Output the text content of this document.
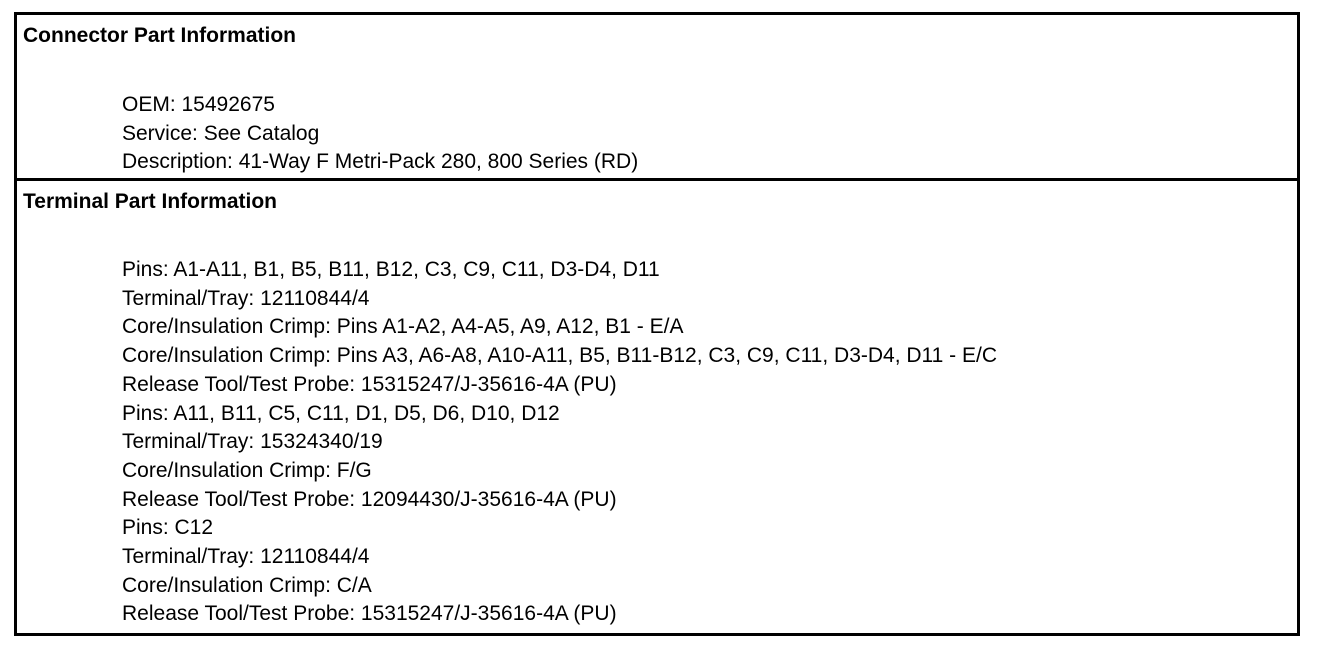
Connector Part Information
OEM: 15492675
Service: See Catalog
Description: 41-Way F Metri-Pack 280, 800 Series (RD)
Terminal Part Information
Pins: A1-A11, B1, B5, B11, B12, C3, C9, C11, D3-D4, D11
Terminal/Tray: 12110844/4
Core/Insulation Crimp: Pins A1-A2, A4-A5, A9, A12, B1 - E/A
Core/Insulation Crimp: Pins A3, A6-A8, A10-A11, B5, B11-B12, C3, C9, C11, D3-D4, D11 - E/C
Release Tool/Test Probe: 15315247/J-35616-4A (PU)
Pins: A11, B11, C5, C11, D1, D5, D6, D10, D12
Terminal/Tray: 15324340/19
Core/Insulation Crimp: F/G
Release Tool/Test Probe: 12094430/J-35616-4A (PU)
Pins: C12
Terminal/Tray: 12110844/4
Core/Insulation Crimp: C/A
Release Tool/Test Probe: 15315247/J-35616-4A (PU)
